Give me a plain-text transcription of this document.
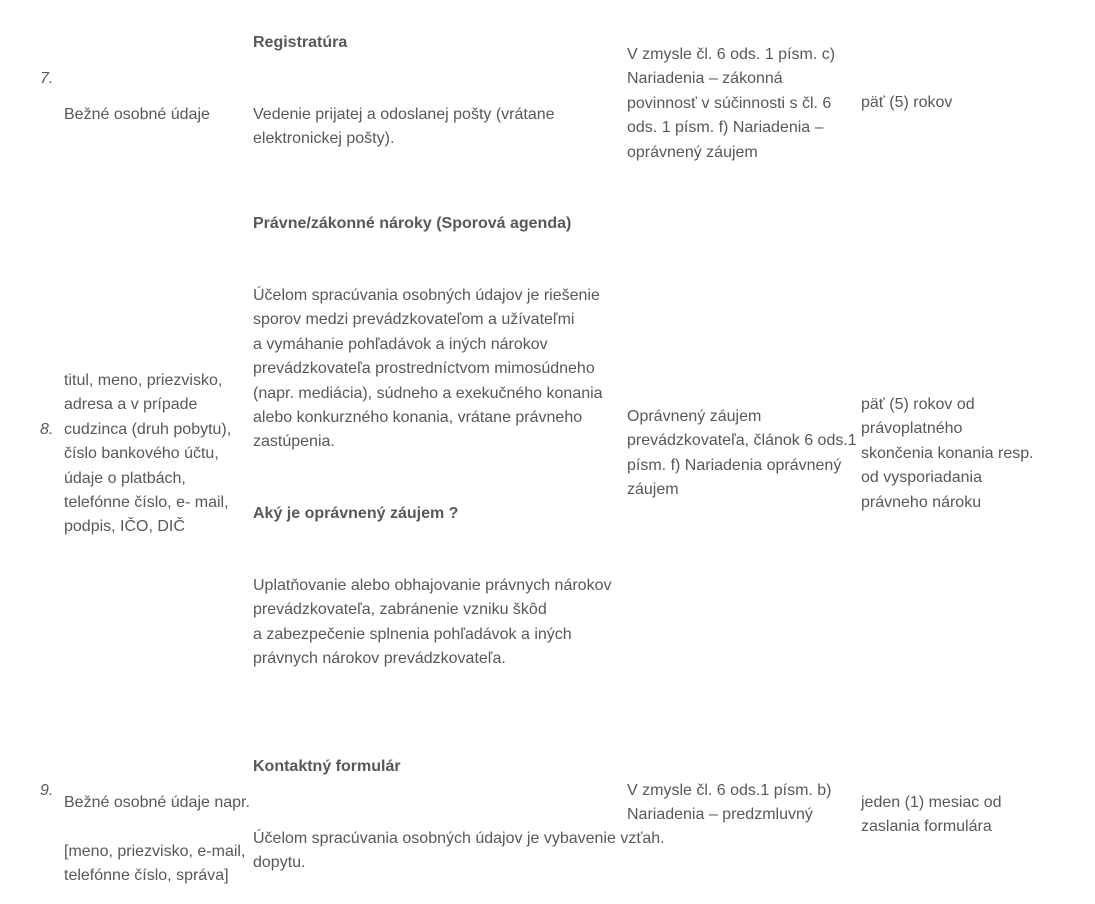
7.
Registratúra

Bežné osobné údaje	Vedenie prijatej a odoslanej pošty (vrátane

elektronickej pošty).

V zmysle čl. 6 ods. 1 písm. c)

Nariadenia – zákonná

povinnosť v súčinnosti s čl. 6

ods. 1 písm. f) Nariadenia –

oprávnený záujem

päť (5) rokov

8.
Právne/zákonné nároky (Sporová agenda)

titul, meno, priezvisko,

adresa a v prípade

cudzinca (druh pobytu),

číslo bankového účtu,

údaje o platbách,

telefónne číslo, e- mail,

podpis, IČO, DIČ

Účelom spracúvania osobných údajov je riešenie

sporov medzi prevádzkovateľom a užívateľmi

a vymáhanie pohľadávok a iných nárokov

prevádzkovateľa prostredníctvom mimosúdneho

(napr. mediácia), súdneho a exekučného konania

alebo konkurzného konania, vrátane právneho

zastúpenia.

Aký je oprávnený záujem ?

Uplatňovanie alebo obhajovanie právnych nárokov

prevádzkovateľa, zabránenie vzniku škôd

a zabezpečenie splnenia pohľadávok a iných

právnych nárokov prevádzkovateľa.

Oprávnený záujem

prevádzkovateľa, článok 6 ods.1

písm. f) Nariadenia oprávnený

záujem

päť (5) rokov od

právoplatného

skončenia konania resp.

od vysporiadania

právneho nároku

9.
Kontaktný formulár
Bežné osobné údaje napr.

[meno, priezvisko, e-mail,

telefónne číslo, správa]

Účelom spracúvania osobných údajov je vybavenie vzťah.

dopytu.

V zmysle čl. 6 ods.1 písm. b)

Nariadenia – predzmluvný

jeden (1) mesiac od

zaslania formulára
